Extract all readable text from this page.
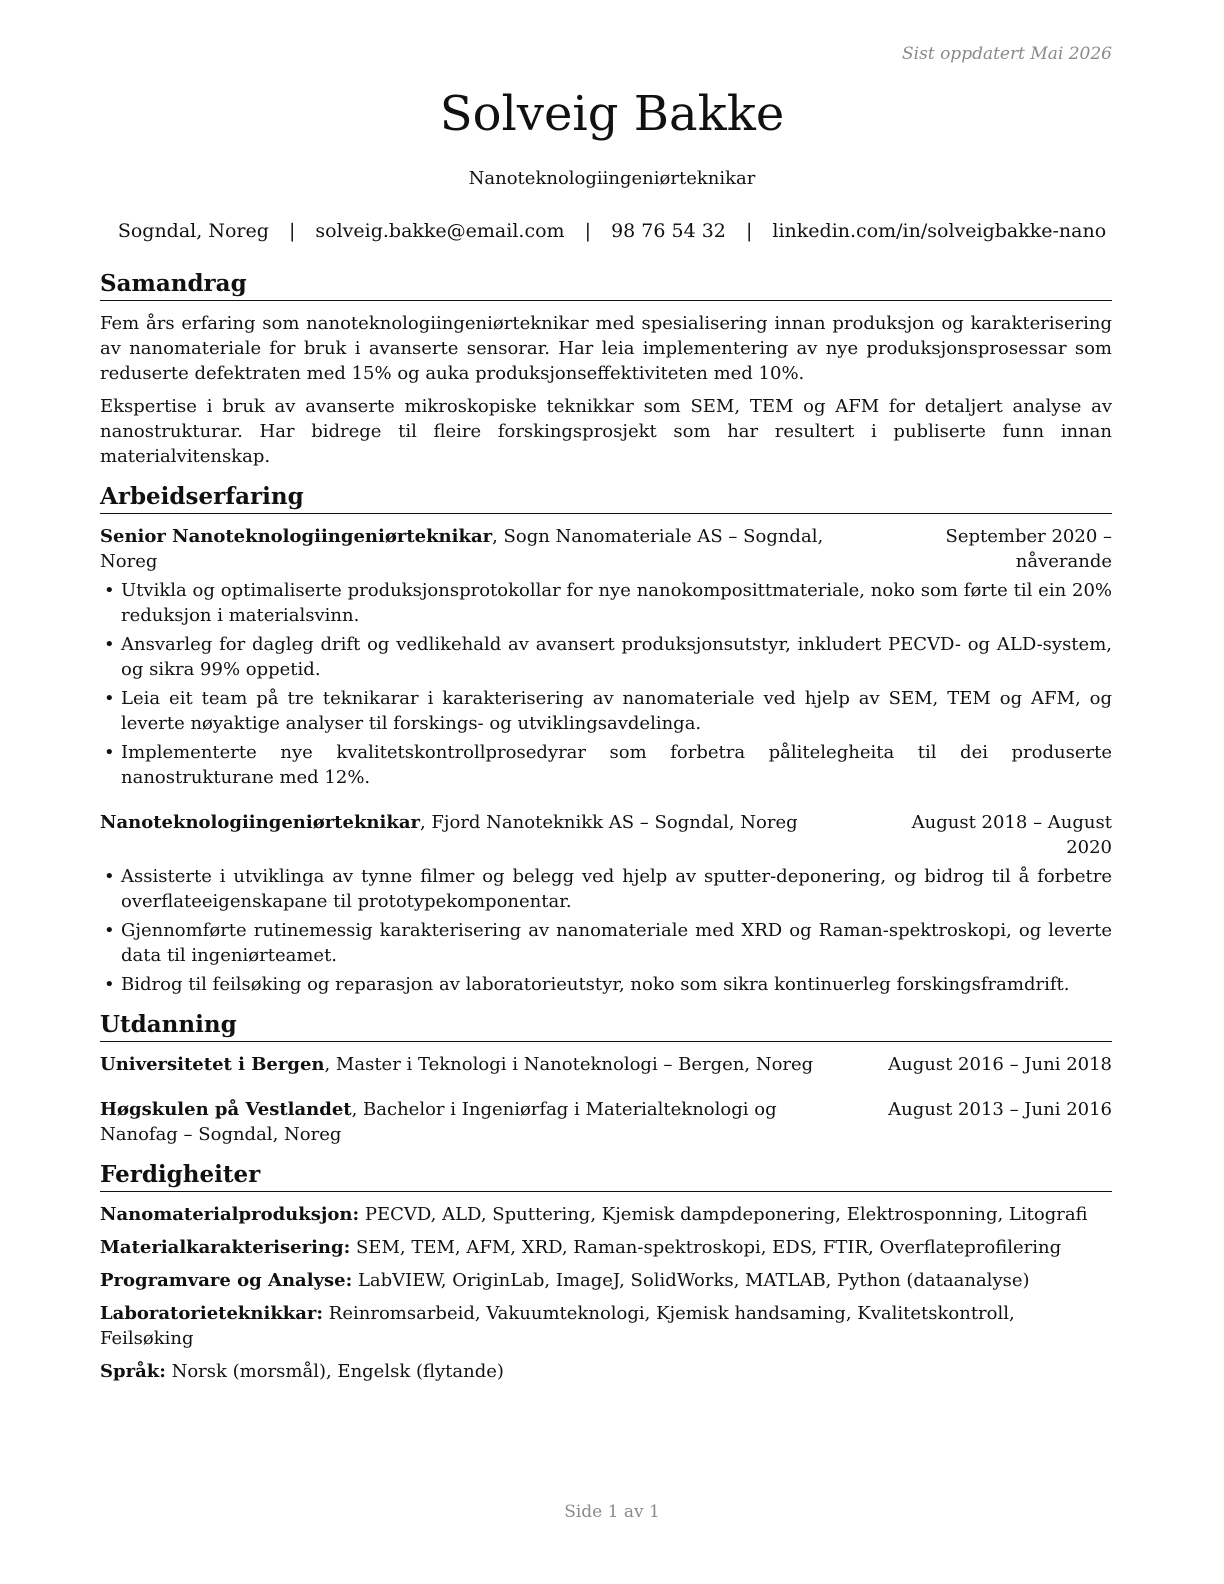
Sist oppdatert Mai 2026
Solveig Bakke
Nanoteknologiingeniørteknikar
Sogndal, Noreg | solveig.bakke@email.com | 98 76 54 32 | linkedin.com/in/solveigbakke-nano
Samandrag

Fem års erfaring som nanoteknologiingeniørteknikar med spesialisering innan produksjon og karakterisering av nanomateriale for bruk i avanserte sensorar. Har leia implementering av nye produksjonsprosessar som reduserte defektraten med 15% og auka produksjonseffektiviteten med 10%.

Ekspertise i bruk av avanserte mikroskopiske teknikkar som SEM, TEM og AFM for detaljert analyse av nanostrukturar. Har bidrege til fleire forskingsprosjekt som har resultert i publiserte funn innan materialvitenskap.

Arbeidserfaring
Senior Nanoteknologiingeniørteknikar, Sogn Nanomateriale AS – Sogndal, Noreg
September 2020 – nåverande
• Utvikla og optimaliserte produksjonsprotokollar for nye nanokomposittmateriale, noko som førte til ein 20% reduksjon i materialsvinn.
• Ansvarleg for dagleg drift og vedlikehald av avansert produksjonsutstyr, inkludert PECVD- og ALD-system, og sikra 99% oppetid.
• Leia eit team på tre teknikarar i karakterisering av nanomateriale ved hjelp av SEM, TEM og AFM, og leverte nøyaktige analyser til forskings- og utviklingsavdelinga.
• Implementerte nye kvalitetskontrollprosedyrar som forbetra pålitelegheita til dei produserte nanostrukturane med 12%.
Nanoteknologiingeniørteknikar, Fjord Nanoteknikk AS – Sogndal, Noreg	August 2018 – August 2020
• Assisterte i utviklinga av tynne filmer og belegg ved hjelp av sputter-deponering, og bidrog til å forbetre overflateeigenskapane til prototypekomponentar.
• Gjennomførte rutinemessig karakterisering av nanomateriale med XRD og Raman-spektroskopi, og leverte data til ingeniørteamet.
• Bidrog til feilsøking og reparasjon av laboratorieutstyr, noko som sikra kontinuerleg forskingsframdrift.
Utdanning
Universitetet i Bergen, Master i Teknologi i Nanoteknologi – Bergen, Noreg	August 2016 – Juni 2018
Høgskulen på Vestlandet, Bachelor i Ingeniørfag i Materialteknologi og Nanofag – Sogndal, Noreg
August 2013 – Juni 2016
Ferdigheiter
Nanomaterialproduksjon: PECVD, ALD, Sputtering, Kjemisk dampdeponering, Elektrosponning, Litografi
Materialkarakterisering: SEM, TEM, AFM, XRD, Raman-spektroskopi, EDS, FTIR, Overflateprofilering
Programvare og Analyse: LabVIEW, OriginLab, ImageJ, SolidWorks, MATLAB, Python (dataanalyse)
Laboratorieteknikkar: Reinromsarbeid, Vakuumteknologi, Kjemisk handsaming, Kvalitetskontroll, Feilsøking
Språk: Norsk (morsmål), Engelsk (flytande)
Side 1 av 1
